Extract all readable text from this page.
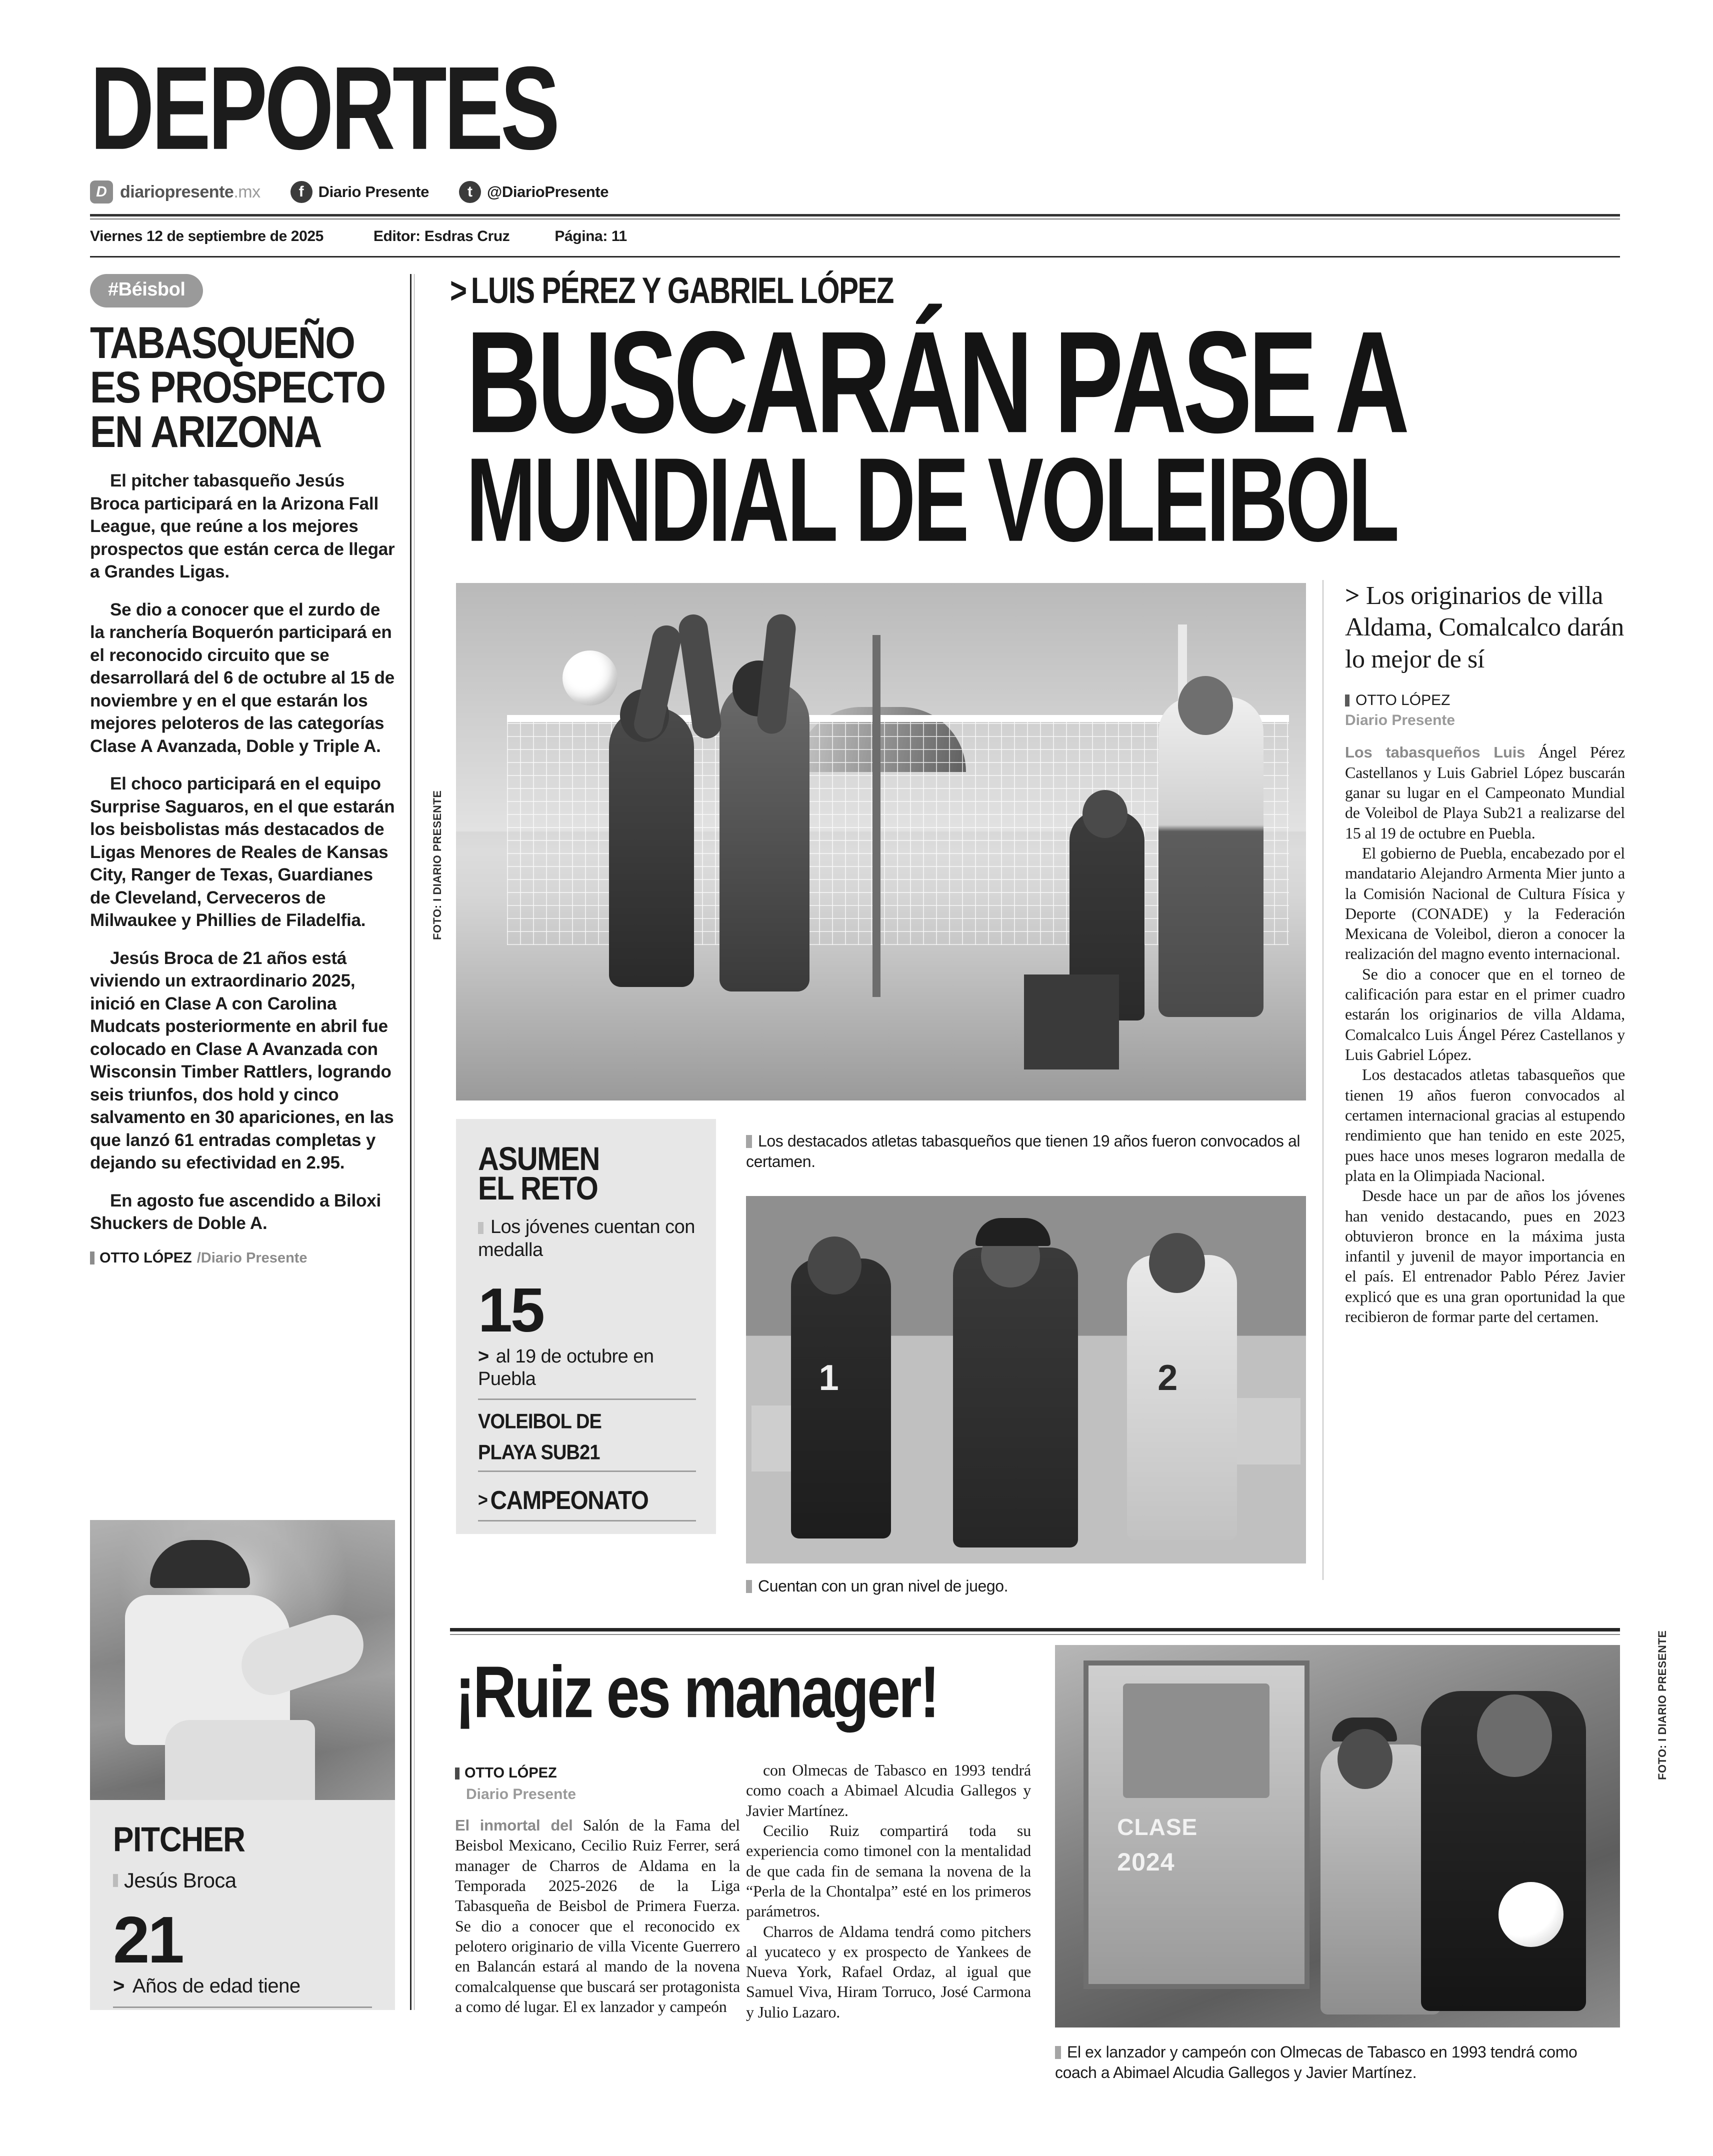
DEPORTES
D diariopresente.mx	f Diario Presente	t @DiarioPresente
Viernes 12 de septiembre de 2025	Editor: Esdras Cruz	Página: 11
#Béisbol
TABASQUEÑO ES PROSPECTO EN ARIZONA

El pitcher tabasqueño Jesús Broca participará en la Arizona Fall League, que reúne a los mejores prospectos que están cerca de llegar a Grandes Ligas.

Se dio a conocer que el zurdo de la ranchería Boquerón participará en el reconocido circuito que se desarrollará del 6 de octubre al 15 de noviembre y en el que estarán los mejores peloteros de las categorías Clase A Avanzada, Doble y Triple A.

El choco participará en el equipo Surprise Saguaros, en el que estarán los beisbolistas más destacados de Ligas Menores de Reales de Kansas City, Ranger de Texas, Guardianes de Cleveland, Cerveceros de Milwaukee y Phillies de Filadelfia.

Jesús Broca de 21 años está viviendo un extraordinario 2025, inició en Clase A con Carolina Mudcats posteriormente en abril fue colocado en Clase A Avanzada con Wisconsin Timber Rattlers, logrando seis triunfos, dos hold y cinco salvamento en 30 apariciones, en las que lanzó 61 entradas completas y dejando su efectividad en 2.95.

En agosto fue ascendido a Biloxi Shuckers de Doble A.

OTTO LÓPEZ /Diario Presente
PITCHER
Jesús Broca
21
> Años de edad tiene
> LUIS PÉREZ Y GABRIEL LÓPEZ
BUSCARÁN PASE A
MUNDIAL DE VOLEIBOL
FOTO: I DIARIO PRESENTE
Los destacados atletas tabasqueños que tienen 19 años fueron convocados al certamen.
ASUMEN
EL RETO
Los jóvenes cuentan con medalla
15
> al 19 de octubre en Puebla
VOLEIBOL DE
PLAYA SUB21
> CAMPEONATO
1	2
Cuentan con un gran nivel de juego.
> Los originarios de villa Aldama, Comalcalco darán lo mejor de sí
OTTO LÓPEZ
Diario Presente

Los tabasqueños Luis Ángel Pérez Castellanos y Luis Gabriel López buscarán ganar su lugar en el Campeonato Mundial de Voleibol de Playa Sub21 a realizarse del 15 al 19 de octubre en Puebla.

El gobierno de Puebla, encabezado por el mandatario Alejandro Armenta Mier junto a la Comisión Nacional de Cultura Física y Deporte (CONADE) y la Federación Mexicana de Voleibol, dieron a conocer la realización del magno evento internacional.

Se dio a conocer que en el torneo de calificación para estar en el primer cuadro estarán los originarios de villa Aldama, Comalcalco Luis Ángel Pérez Castellanos y Luis Gabriel López.

Los destacados atletas tabasqueños que tienen 19 años fueron convocados al certamen internacional gracias al estupendo rendimiento que han tenido en este 2025, pues hace unos meses lograron medalla de plata en la Olimpiada Nacional.

Desde hace un par de años los jóvenes han venido destacando, pues en 2023 obtuvieron bronce en la máxima justa infantil y juvenil de mayor importancia en el país. El entrenador Pablo Pérez Javier explicó que es una gran oportunidad la que recibieron de formar parte del certamen.

¡Ruiz es manager!
OTTO LÓPEZ
Diario Presente

El inmortal del Salón de la Fama del Beisbol Mexicano, Cecilio Ruiz Ferrer, será manager de Charros de Aldama en la Temporada 2025-2026 de la Liga Tabasqueña de Beisbol de Primera Fuerza. Se dio a conocer que el reconocido ex pelotero originario de villa Vicente Guerrero en Balancán estará al mando de la novena comalcalquense que buscará ser protagonista a como dé lugar. El ex lanzador y campeón

con Olmecas de Tabasco en 1993 tendrá como coach a Abimael Alcudia Gallegos y Javier Martínez.

Cecilio Ruiz compartirá toda su experiencia como timonel con la mentalidad de que cada fin de semana la novena de la “Perla de la Chontalpa” esté en los primeros parámetros.

Charros de Aldama tendrá como pitchers al yucateco y ex prospecto de Yankees de Nueva York, Rafael Ordaz, al igual que Samuel Viva, Hiram Torruco, José Carmona y Julio Lazaro.

CLASE
2024
FOTO: I DIARIO PRESENTE
El ex lanzador y campeón con Olmecas de Tabasco en 1993 tendrá como coach a Abimael Alcudia Gallegos y Javier Martínez.
